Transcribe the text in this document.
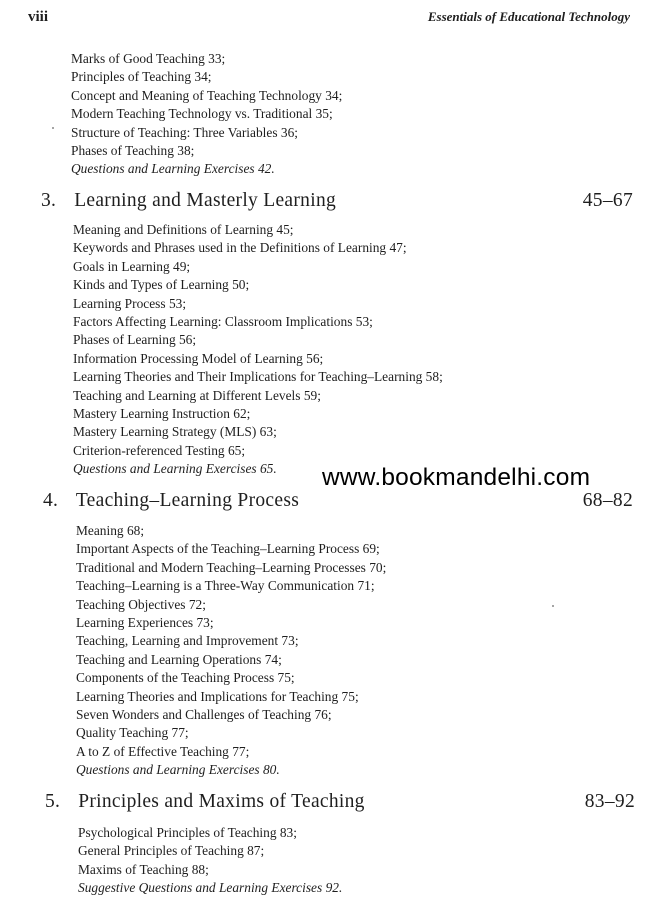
viii	Essentials of Educational Technology
Marks of Good Teaching 33;
Principles of Teaching 34;
Concept and Meaning of Teaching Technology 34;
Modern Teaching Technology vs. Traditional 35;
Structure of Teaching: Three Variables 36;
Phases of Teaching 38;
Questions and Learning Exercises 42.
3. Learning and Masterly Learning	45–67
Meaning and Definitions of Learning 45;
Keywords and Phrases used in the Definitions of Learning 47;
Goals in Learning 49;
Kinds and Types of Learning 50;
Learning Process 53;
Factors Affecting Learning: Classroom Implications 53;
Phases of Learning 56;
Information Processing Model of Learning 56;
Learning Theories and Their Implications for Teaching–Learning 58;
Teaching and Learning at Different Levels 59;
Mastery Learning Instruction 62;
Mastery Learning Strategy (MLS) 63;
Criterion-referenced Testing 65;
Questions and Learning Exercises 65.	www.bookmandelhi.com
4. Teaching–Learning Process	68–82
Meaning 68;
Important Aspects of the Teaching–Learning Process 69;
Traditional and Modern Teaching–Learning Processes 70;
Teaching–Learning is a Three-Way Communication 71;
Teaching Objectives 72;
Learning Experiences 73;
Teaching, Learning and Improvement 73;
Teaching and Learning Operations 74;
Components of the Teaching Process 75;
Learning Theories and Implications for Teaching 75;
Seven Wonders and Challenges of Teaching 76;
Quality Teaching 77;
A to Z of Effective Teaching 77;
Questions and Learning Exercises 80.
5. Principles and Maxims of Teaching	83–92
Psychological Principles of Teaching 83;
General Principles of Teaching 87;
Maxims of Teaching 88;
Suggestive Questions and Learning Exercises 92.
